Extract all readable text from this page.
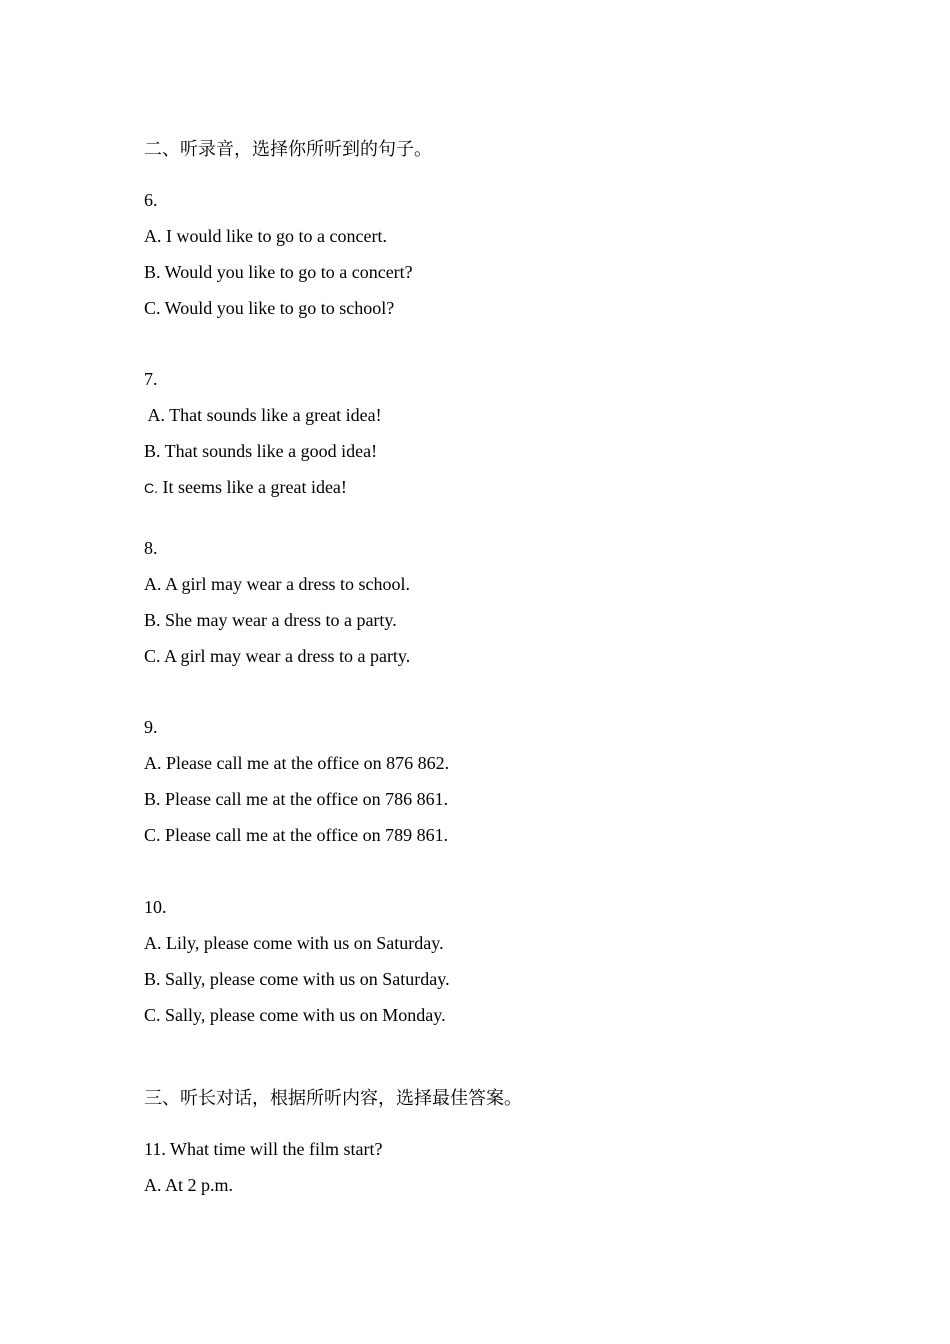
二、听录音，选择你所听到的句子。
6.
A. I would like to go to a concert.
B. Would you like to go to a concert?
C. Would you like to go to school?
7.
A. That sounds like a great idea!
B. That sounds like a good idea!
C. It seems like a great idea!
8.
A. A girl may wear a dress to school.
B. She may wear a dress to a party.
C. A girl may wear a dress to a party.
9.
A. Please call me at the office on 876 862.
B. Please call me at the office on 786 861.
C. Please call me at the office on 789 861.
10.
A. Lily, please come with us on Saturday.
B. Sally, please come with us on Saturday.
C. Sally, please come with us on Monday.
三、听长对话，根据所听内容，选择最佳答案。
11. What time will the film start?
A. At 2 p.m.
